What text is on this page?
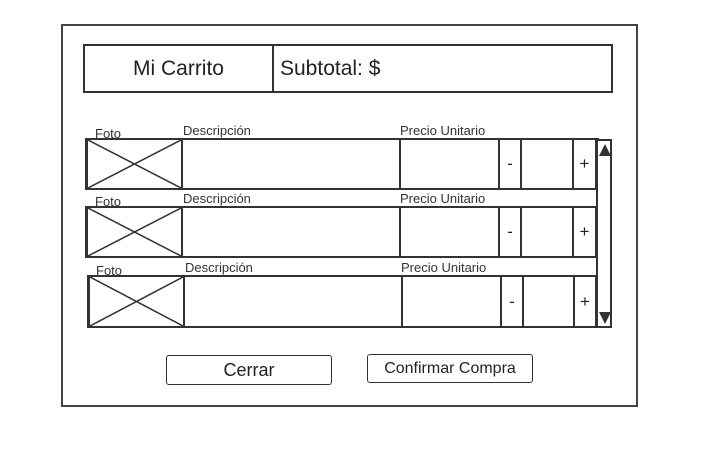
Mi Carrito	Subtotal: $
Foto	Descripción	Precio Unitario
-	+
Foto	Descripción	Precio Unitario
-	+
Foto	Descripción	Precio Unitario
-	+
Cerrar	Confirmar Compra
